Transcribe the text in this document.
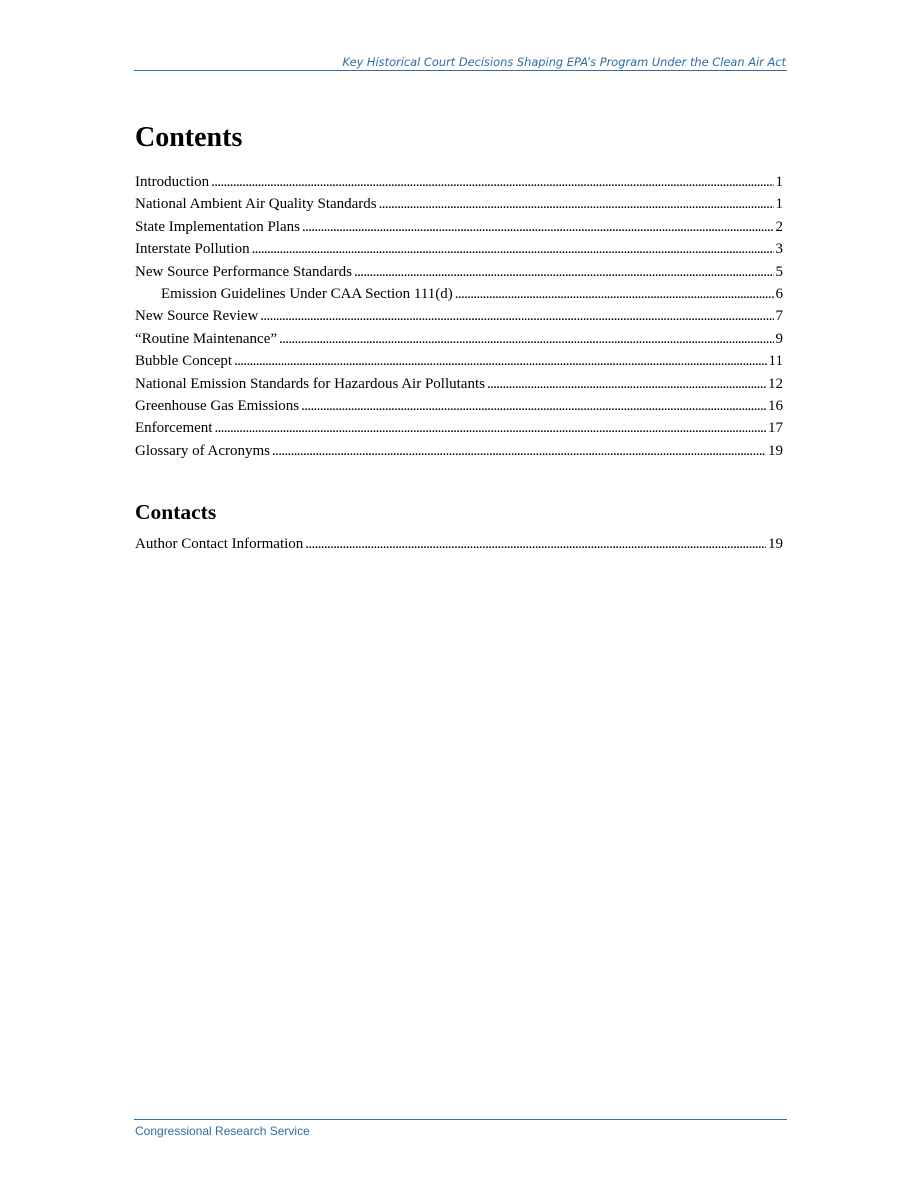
Key Historical Court Decisions Shaping EPA’s Program Under the Clean Air Act
Contents
Introduction . . .	1
National Ambient Air Quality Standards . . .	1
State Implementation Plans . . .	2
Interstate Pollution . . .	3
New Source Performance Standards . . .	5
Emission Guidelines Under CAA Section 111(d) . . .	6
New Source Review . . .	7
“Routine Maintenance” . . .	9
Bubble Concept . . .	11
National Emission Standards for Hazardous Air Pollutants . . .	12
Greenhouse Gas Emissions . . .	16
Enforcement . . .	17
Glossary of Acronyms . . .	19
Contacts
Author Contact Information . . .	19
Congressional Research Service
